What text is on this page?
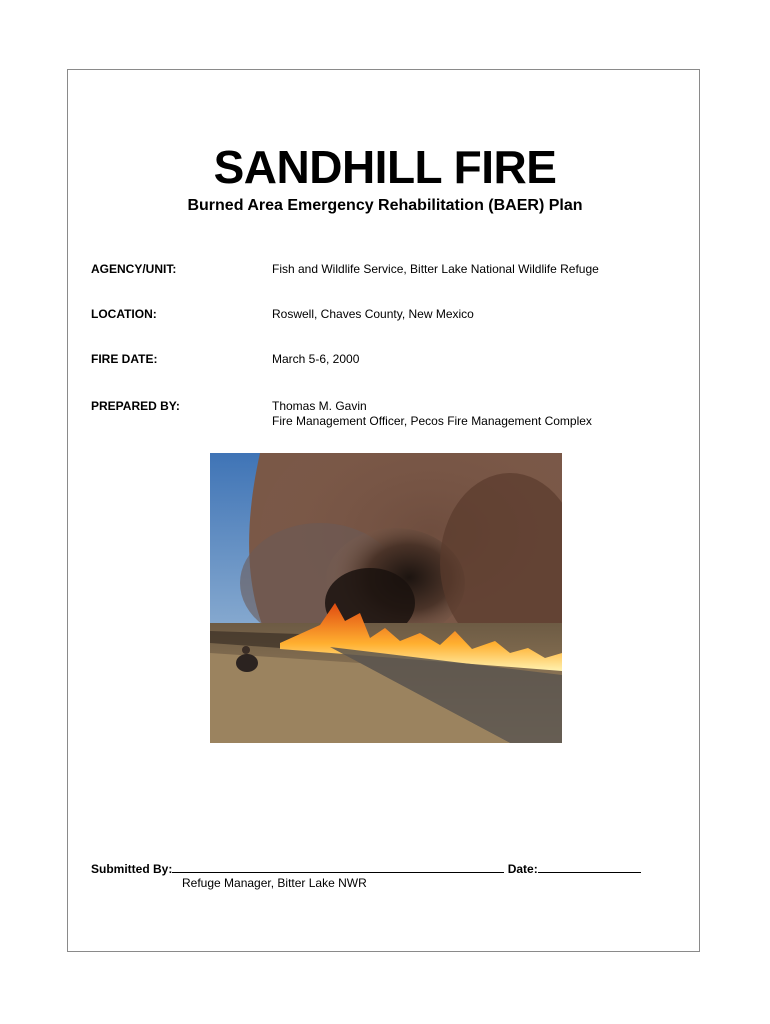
SANDHILL FIRE
Burned Area Emergency Rehabilitation (BAER) Plan
AGENCY/UNIT:	Fish and Wildlife Service, Bitter Lake National Wildlife Refuge
LOCATION:	Roswell, Chaves County, New Mexico
FIRE DATE:	March 5-6, 2000
PREPARED BY:	Thomas M. Gavin
Fire Management Officer, Pecos Fire Management Complex
Submitted By:	Date:
Refuge Manager, Bitter Lake NWR
